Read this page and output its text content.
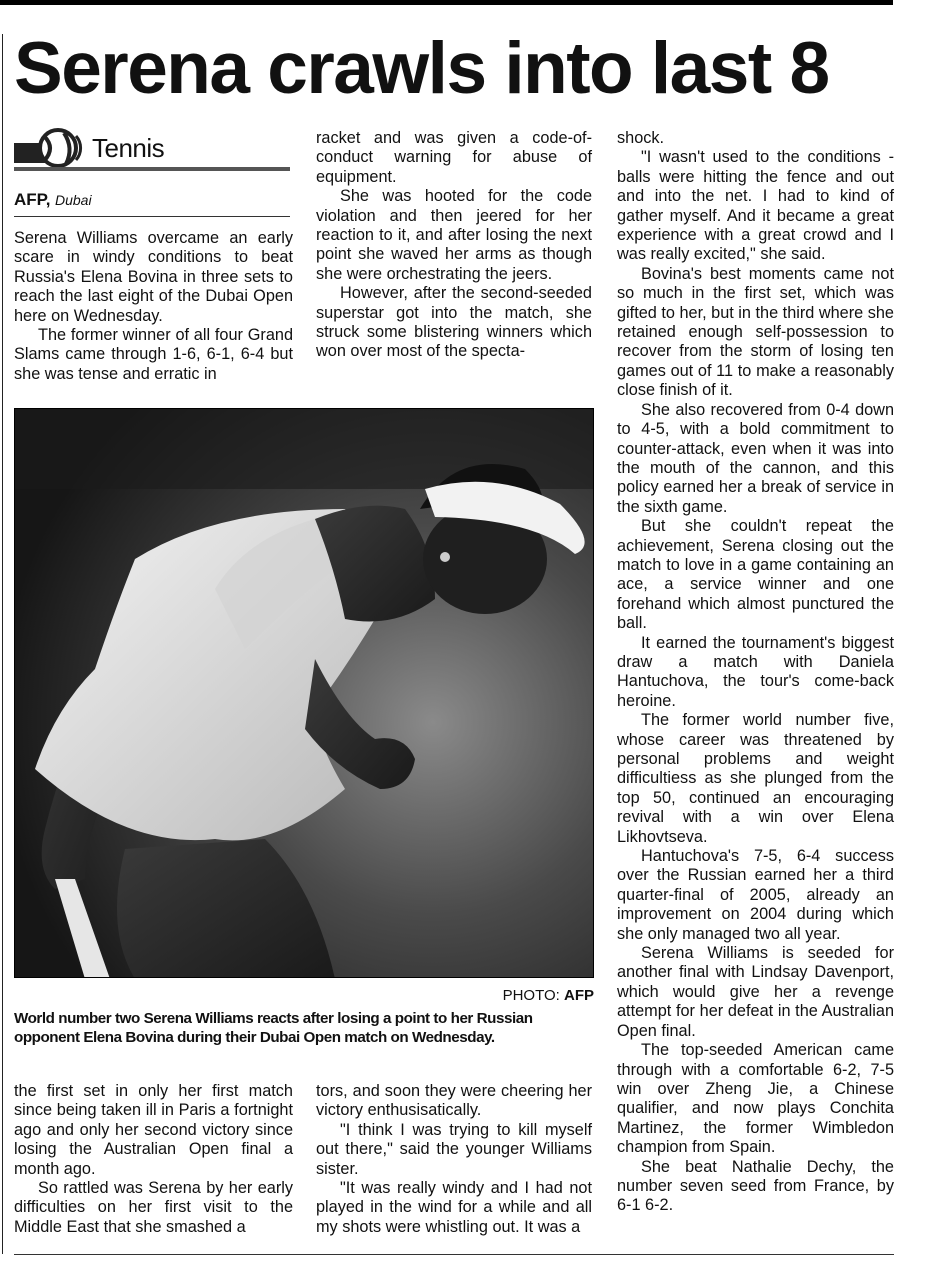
Serena crawls into last 8
Tennis
AFP, Dubai

Serena Williams overcame an early scare in windy conditions to beat Russia's Elena Bovina in three sets to reach the last eight of the Dubai Open here on Wednesday.

The former winner of all four Grand Slams came through 1-6, 6-1, 6-4 but she was tense and erratic in

racket and was given a code-of-conduct warning for abuse of equipment.

She was hooted for the code violation and then jeered for her reaction to it, and after losing the next point she waved her arms as though she were orchestrating the jeers.

However, after the second-seeded superstar got into the match, she struck some blistering winners which won over most of the specta-

shock.

"I wasn't used to the conditions - balls were hitting the fence and out and into the net. I had to kind of gather myself. And it became a great experience with a great crowd and I was really excited," she said.

Bovina's best moments came not so much in the first set, which was gifted to her, but in the third where she retained enough self-possession to recover from the storm of losing ten games out of 11 to make a reasonably close finish of it.

She also recovered from 0-4 down to 4-5, with a bold commitment to counter-attack, even when it was into the mouth of the cannon, and this policy earned her a break of service in the sixth game.

But she couldn't repeat the achievement, Serena closing out the match to love in a game containing an ace, a service winner and one forehand which almost punctured the ball.

It earned the tournament's biggest draw a match with Daniela Hantuchova, the tour's come-back heroine.

The former world number five, whose career was threatened by personal problems and weight difficultiess as she plunged from the top 50, continued an encouraging revival with a win over Elena Likhovtseva.

Hantuchova's 7-5, 6-4 success over the Russian earned her a third quarter-final of 2005, already an improvement on 2004 during which she only managed two all year.

Serena Williams is seeded for another final with Lindsay Davenport, which would give her a revenge attempt for her defeat in the Australian Open final.

The top-seeded American came through with a comfortable 6-2, 7-5 win over Zheng Jie, a Chinese qualifier, and now plays Conchita Martinez, the former Wimbledon champion from Spain.

She beat Nathalie Dechy, the number seven seed from France, by 6-1 6-2.

PHOTO: AFP
World number two Serena Williams reacts after losing a point to her Russian opponent Elena Bovina during their Dubai Open match on Wednesday.

the first set in only her first match since being taken ill in Paris a fortnight ago and only her second victory since losing the Australian Open final a month ago.

So rattled was Serena by her early difficulties on her first visit to the Middle East that she smashed a

tors, and soon they were cheering her victory enthusisatically.

"I think I was trying to kill myself out there," said the younger Williams sister.

"It was really windy and I had not played in the wind for a while and all my shots were whistling out. It was a
